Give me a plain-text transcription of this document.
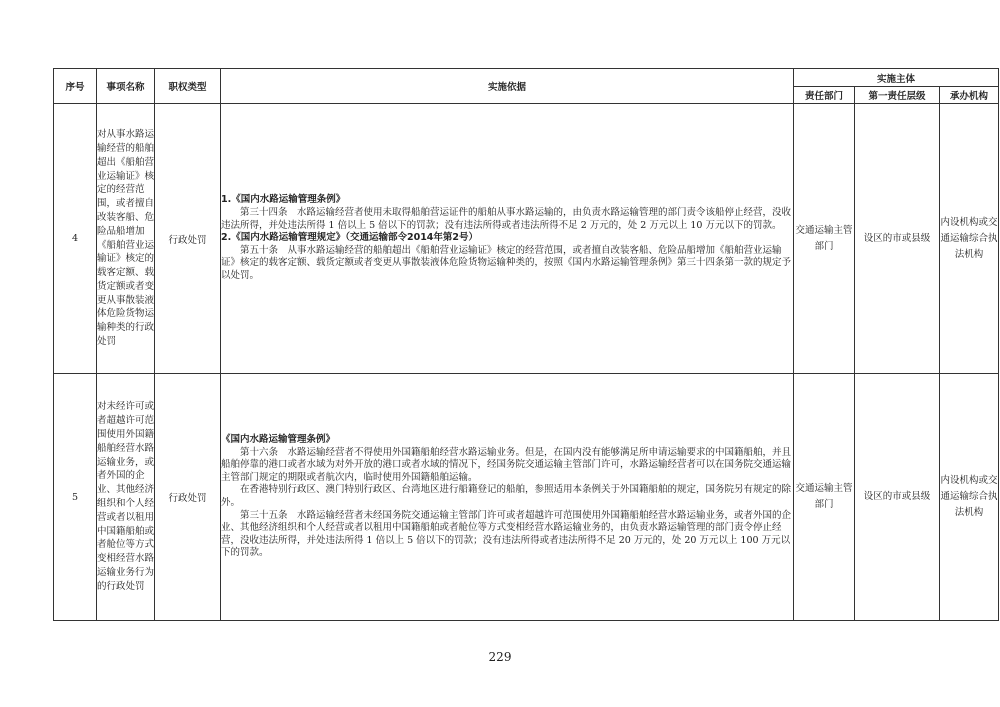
序号	事项名称	职权类型	实施依据	实施主体		
				责任部门	第一责任层级	承办机构
4	对从事水路运输经营的船舶超出《船舶营业运输证》核定的经营范围，或者擅自改装客船、危险品船增加《船舶营业运输证》核定的载客定额、载货定额或者变更从事散装液体危险货物运输种类的行政处罚	行政处罚	1.《国内水路运输管理条例》

第三十四条　水路运输经营者使用未取得船舶营运证件的船舶从事水路运输的，由负责水路运输管理的部门责令该船停止经营，没收违法所得，并处违法所得 1 倍以上 5 倍以下的罚款；没有违法所得或者违法所得不足 2 万元的，处 2 万元以上 10 万元以下的罚款。

2.《国内水路运输管理规定》（交通运输部令2014年第2号）

第五十条　从事水路运输经营的船舶超出《船舶营业运输证》核定的经营范围，或者擅自改装客船、危险品船增加《船舶营业运输证》核定的载客定额、载货定额或者变更从事散装液体危险货物运输种类的，按照《国内水路运输管理条例》第三十四条第一款的规定予以处罚。	交通运输主管部门	设区的市或县级	内设机构或交通运输综合执法机构
5	对未经许可或者超越许可范围使用外国籍船舶经营水路运输业务，或者外国的企业、其他经济组织和个人经营或者以租用中国籍船舶或者舱位等方式变相经营水路运输业务行为的行政处罚	行政处罚	《国内水路运输管理条例》

第十六条　水路运输经营者不得使用外国籍船舶经营水路运输业务。但是，在国内没有能够满足所申请运输要求的中国籍船舶，并且船舶停靠的港口或者水域为对外开放的港口或者水域的情况下，经国务院交通运输主管部门许可，水路运输经营者可以在国务院交通运输主管部门规定的期限或者航次内，临时使用外国籍船舶运输。

在香港特别行政区、澳门特别行政区、台湾地区进行船籍登记的船舶，参照适用本条例关于外国籍船舶的规定，国务院另有规定的除外。

第三十五条　水路运输经营者未经国务院交通运输主管部门许可或者超越许可范围使用外国籍船舶经营水路运输业务，或者外国的企业、其他经济组织和个人经营或者以租用中国籍船舶或者舱位等方式变相经营水路运输业务的，由负责水路运输管理的部门责令停止经营，没收违法所得，并处违法所得 1 倍以上 5 倍以下的罚款；没有违法所得或者违法所得不足 20 万元的，处 20 万元以上 100 万元以下的罚款。	交通运输主管部门	设区的市或县级	内设机构或交通运输综合执法机构
229
